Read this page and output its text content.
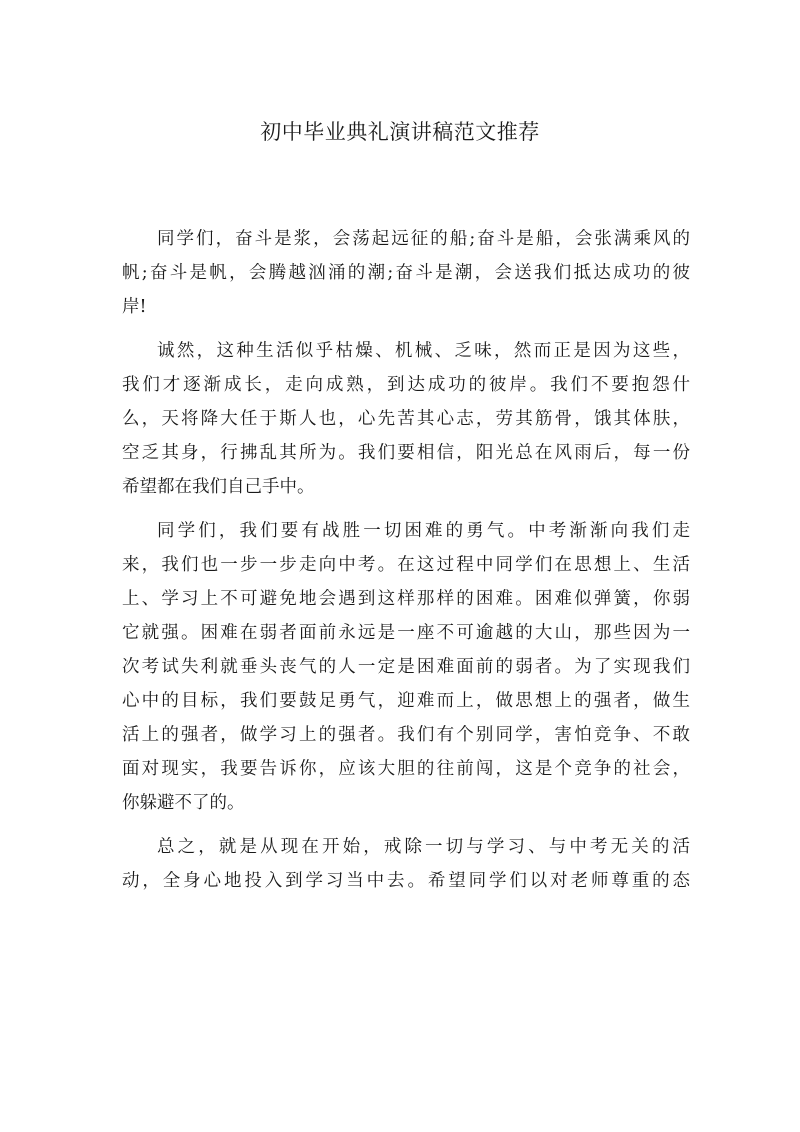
初中毕业典礼演讲稿范文推荐
同学们，奋斗是浆，会荡起远征的船;奋斗是船，会张满乘风的
帆;奋斗是帆，会腾越汹涌的潮;奋斗是潮，会送我们抵达成功的彼
岸!
诚然，这种生活似乎枯燥、机械、乏味，然而正是因为这些，
我们才逐渐成长，走向成熟，到达成功的彼岸。我们不要抱怨什
么，天将降大任于斯人也，心先苦其心志，劳其筋骨，饿其体肤，
空乏其身，行拂乱其所为。我们要相信，阳光总在风雨后，每一份
希望都在我们自己手中。
同学们，我们要有战胜一切困难的勇气。中考渐渐向我们走
来，我们也一步一步走向中考。在这过程中同学们在思想上、生活
上、学习上不可避免地会遇到这样那样的困难。困难似弹簧，你弱
它就强。困难在弱者面前永远是一座不可逾越的大山，那些因为一
次考试失利就垂头丧气的人一定是困难面前的弱者。为了实现我们
心中的目标，我们要鼓足勇气，迎难而上，做思想上的强者，做生
活上的强者，做学习上的强者。我们有个别同学，害怕竞争、不敢
面对现实，我要告诉你，应该大胆的往前闯，这是个竞争的社会，
你躲避不了的。
总之，就是从现在开始，戒除一切与学习、与中考无关的活
动，全身心地投入到学习当中去。希望同学们以对老师尊重的态
